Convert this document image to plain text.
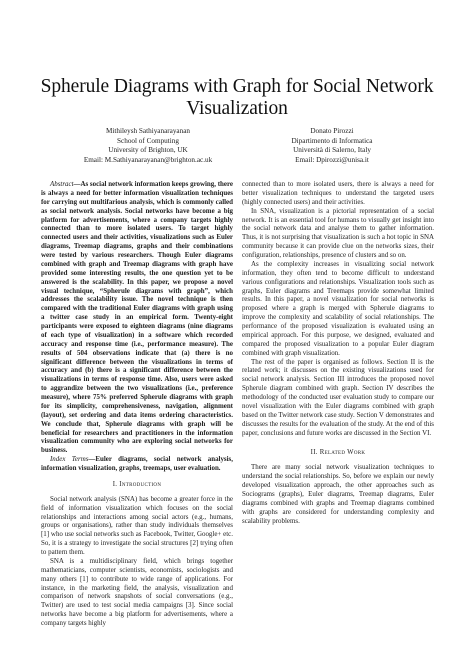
Spherule Diagrams with Graph for Social Network
Visualization
Mithileysh Sathiyanarayanan
School of Computing
University of Brighton, UK
Email: M.Sathiyanarayanan@brighton.ac.uk
Donato Pirozzi
Dipartimento di Informatica
Università di Salerno, Italy
Email: Dpirozzi@unisa.it

Abstract—As social network information keeps growing, there is always a need for better information visualization techniques for carrying out multifarious analysis, which is commonly called as social network analysis. Social networks have become a big platform for advertisements, where a company targets highly connected than to more isolated users. To target highly connected users and their activities, visualizations such as Euler diagrams, Treemap diagrams, graphs and their combinations were tested by various researchers. Though Euler diagrams combined with graph and Treemap diagrams with graph have provided some interesting results, the one question yet to be answered is the scalability. In this paper, we propose a novel visual technique, “Spherule diagrams with graph”, which addresses the scalability issue. The novel technique is then compared with the traditional Euler diagrams with graph using a twitter case study in an empirical form. Twenty-eight participants were exposed to eighteen diagrams (nine diagrams of each type of visualization) in a software which recorded accuracy and response time (i.e., performance measure). The results of 504 observations indicate that (a) there is no significant difference between the visualizations in terms of accuracy and (b) there is a significant difference between the visualizations in terms of response time. Also, users were asked to aggrandize between the two visualizations (i.e., preference measure), where 75% preferred Spherule diagrams with graph for its simplicity, comprehensiveness, navigation, alignment (layout), set ordering and data items ordering characteristics. We conclude that, Spherule diagrams with graph will be beneficial for researchers and practitioners in the information visualization community who are exploring social networks for business.

Index Terms—Euler diagrams, social network analysis, information visualization, graphs, treemaps, user evaluation.

I. Introduction

Social network analysis (SNA) has become a greater force in the field of information visualization which focuses on the social relationships and interactions among social actors (e.g., humans, groups or organisations), rather than study individuals themselves [1] who use social networks such as Facebook, Twitter, Google+ etc. So, it is a strategy to investigate the social structures [2] trying often to pattern them.

SNA is a multidisciplinary field, which brings together mathematicians, computer scientists, economists, sociologists and many others [1] to contribute to wide range of applications. For instance, in the marketing field, the analysis, visualization and comparison of network snapshots of social conversations (e.g., Twitter) are used to test social media campaigns [3]. Since social networks have become a big platform for advertisements, where a company targets highly

connected than to more isolated users, there is always a need for better visualization techniques to understand the targeted users (highly connected users) and their activities.

In SNA, visualization is a pictorial representation of a social network. It is an essential tool for humans to visually get insight into the social network data and analyse them to gather information. Thus, it is not surprising that visualization is such a hot topic in SNA community because it can provide clue on the networks sizes, their configuration, relationships, presence of clusters and so on.

As the complexity increases in visualizing social network information, they often tend to become difficult to understand various configurations and relationships. Visualization tools such as graphs, Euler diagrams and Treemaps provide somewhat limited results. In this paper, a novel visualization for social networks is proposed where a graph is merged with Spherule diagrams to improve the complexity and scalability of social relationships. The performance of the proposed visualization is evaluated using an empirical approach. For this purpose, we designed, evaluated and compared the proposed visualization to a popular Euler diagram combined with graph visualization.

The rest of the paper is organised as follows. Section II is the related work; it discusses on the existing visualizations used for social network analysis. Section III introduces the proposed novel Spherule diagram combined with graph. Section IV describes the methodology of the conducted user evaluation study to compare our novel visualization with the Euler diagrams combined with graph based on the Twitter network case study. Section V demonstrates and discusses the results for the evaluation of the study. At the end of this paper, conclusions and future works are discussed in the Section VI.

II. Related Work

There are many social network visualization techniques to understand the social relationships. So, before we explain our newly developed visualization approach, the other approaches such as Sociograms (graphs), Euler diagrams, Treemap diagrams, Euler diagrams combined with graphs and Treemap diagrams combined with graphs are considered for understanding complexity and scalability problems.
